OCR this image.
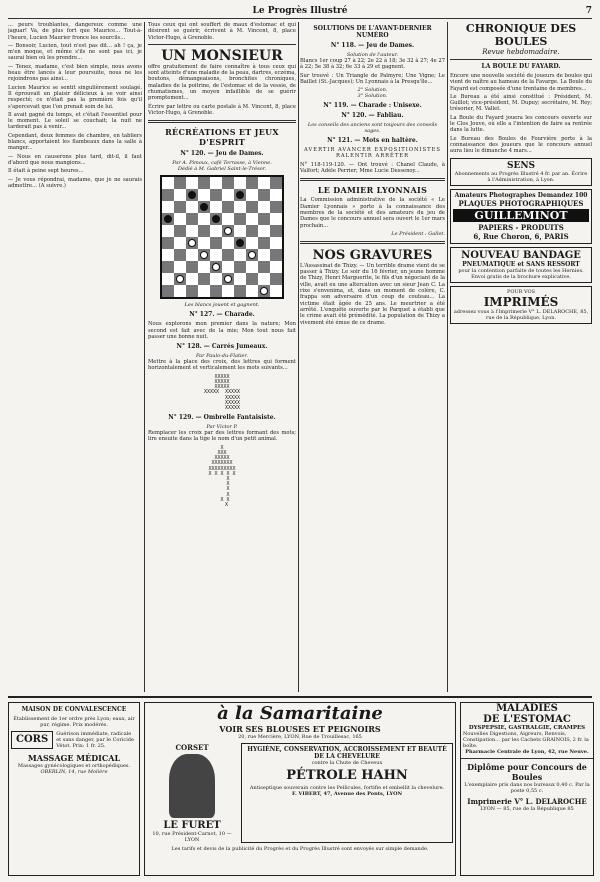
Le Progrès Illustré	7

... peurs troublantes, dangereux comme une jaguar! Va, de plus fort que Maurice... Tout-à-l'heure, Lucien Maurier fronce les sourcils...

— Bonsoir, Lucien, tout n'est pas dit... ah ! ça, je m'en moque, et même s'ils ne sont pas ici, je saurai bien où les prendre...

— Tenez, madame, c'est bien simple, nous avons beau être lancés à leur poursuite, nous ne les rejoindrons pas ainsi...

Lucien Maurice se sentit singulièrement soulagé. Il éprouvait un plaisir délicieux à se voir ainsi respecté; ce n'était pas la première fois qu'il s'apercevait que l'on prenait soin de lui.

Il avait gagné du temps, et c'était l'essentiel pour le moment. Le soleil se couchait; la nuit ne tarderait pas à venir...

Cependant, deux femmes de chambre, en tabliers blancs, apportaient les flambeaux dans la salle à manger...

— Nous en causerons plus tard, dit-il, il faut d'abord que nous mangions...

Il était à peine sept heures...

— Je vous répondrai, madame, que je ne saurais admettre... (A suivre.)

Tous ceux qui ont souffert de maux d'estomac et qui désirent se guérir, écrivent à M. Vincent, 8, place Victor-Hugo, à Grenoble.

UN MONSIEUR

offre gratuitement de faire connaître à tous ceux qui sont atteints d'une maladie de la peau, dartres, eczéma, boutons, démangeaisons, bronchites chroniques, maladies de la poitrine, de l'estomac et de la vessie, de rhumatismes, un moyen infaillible de se guérir promptement...

Écrire par lettre ou carte postale à M. Vincent, 8, place Victor-Hugo, à Grenoble.

RÉCRÉATIONS ET JEUX D'ESPRIT
N° 120. — Jeu de Dames.
Par A. Pimoux, café Terrasse, à Vienne.
Dédié à M. Gabriel Saint-le-Trésor.
Les blancs jouent et gagnent.
N° 127. — Charade.

Nous explorons mon premier dans la nature; Mon second est fait avec de la mie; Mon tout nous fait passer une bonne nuit.

N° 128. — Carrés Jumeaux.
Par Paulo-du-Flatier.

Mettre à la place des croix, des lettres qui forment horizontalement et verticalement les mots suivants...

XXXXX
XXXXX
XXXXX
XXXXX  XXXXX
XXXXX
XXXXX
XXXXX
N° 129. — Ombrelle Fantaisiste.
Par Victor P.

Remplacer les croix par des lettres formant des mots; lire ensuite dans la tige le nom d'un petit animal.

X
XXX
XXXXX
XXXXXXX
XXXXXXXXX
X X X X X
X
X
X
X
X X
X
SOLUTIONS DE L'AVANT-DERNIER NUMÉRO
N° 118. — Jeu de Dames.
Solution de l'auteur.

Blancs 1er coup 27 à 22; 2e 22 à 18; 3e 32 à 27; 4e 27 à 22; 5e 38 à 32; 6e 33 à 29 et gagnent.

Sur trouvé : Un Triangle de Palmyre; Une Vigne; Le Baillet (St.-Jacques); Un Lyonnais à la Presqu'île...

2° Solution.
3° Solution.
N° 119. — Charade : Unisexe.
N° 120. — Fabliau.
Les conseils des anciens sont toujours des conseils sages.
N° 121. — Mots en haltère.

AVERTIR AVANCER EXPOSITIONISTES RALENTIR ARRÊTER

N° 118-119-120. — Ont trouvé : Chanel Claude, à Valfort; Adèle Perrier; Mme Lucie Dessenoy...

LE DAMIER LYONNAIS

La Commission administrative de la société « Le Damier Lyonnais » porte à la connaissance des membres de la société et des amateurs du jeu de Dames que le concours annuel sera ouvert le 1er mars prochain...

Le Président : Gallet.
NOS GRAVURES

L'Assassinat de Thizy. — Un terrible drame vient de se passer à Thizy. Le soir du 16 février, un jeune homme de Thizy, Henri Marguerite, le fils d'un négociant de la ville, avait eu une altercation avec un sieur Jean C. La rixe s'envenima, et, dans un moment de colère, C. frappa son adversaire d'un coup de couteau... La victime était âgée de 25 ans. Le meurtrier a été arrêté. L'enquête ouverte par le Parquet a établi que le crime avait été prémédité. La population de Thizy a vivement été émue de ce drame.

CHRONIQUE DES BOULES
Revue hebdomadaire.
LA BOULE DU FAYARD.

Encore une nouvelle société de joueurs de boules qui vient de naître au hameau de la Favarge. La Boule du Fayard est composée d'une trentaine de membres...

Le Bureau a été ainsi constitué : Président, M. Guillot; vice-président, M. Dupuy; secrétaire, M. Rey; trésorier, M. Vallet.

La Boule du Fayard jouera les concours ouverts sur le Clos Jouve, où elle a l'intention de faire sa rentrée dans la lutte.

Le Bureau des Boules de Fourvière porte à la connaissance des joueurs que le concours annuel aura lieu le dimanche 4 mars...

SENS
Abonnements au Progrès Illustré 4 fr. par an. Écrire à l'Administration, à Lyon.
Amateurs Photographes Demandez 100
PLAQUES PHOTOGRAPHIQUES
GUILLEMINOT
PAPIERS - PRODUITS
6, Rue Choron, 6, PARIS
NOUVEAU BANDAGE
PNEUMATIQUE et SANS RESSORT
pour la contention parfaite de toutes les Hernies. Envoi gratis de la brochure explicative.
POUR VOS
IMPRIMÉS
adressez vous à l'Imprimerie V° L. DELAROCHE, 85, rue de la République, Lyon.
MAISON DE CONVALESCENCE
Établissement de 1er ordre près Lyon; eaux, air pur, régime. Prix modérés.
CORS	Guérison immédiate, radicale et sans danger, par le Coricide Vétot. Prix: 1 fr. 25.
MASSAGE MÉDICAL
Massages gynécologiques et orthopédiques.
OBERLIN, 14, rue Molière
à la Samaritaine
VOIR SES BLOUSES ET PEIGNOIRS
20, rue Mercière, LYON, Rue de Trouillesac, 165
CORSET
LE FURET
10, rue Président-Carnot, 10 — LYON
HYGIÈNE, CONSERVATION, ACCROISSEMENT ET BEAUTÉ DE LA CHEVELURE
contre la Chute de Cheveux
PÉTROLE HAHN
Antiseptique souverain contre les Pellicules, fortifie et embellit la chevelure.
F. VIBERT, 47, Avenue des Ponts, LYON
Les tarifs et devis de la publicité du Progrès et du Progrès Illustré sont envoyés sur simple demande.
MALADIES
DE L'ESTOMAC
DYSPEPSIE, GASTRALGIE, CRAMPES
Nouvelles Digestions, Aigreurs, Renvois, Constipation... par les Cachets GRAINOIS, 2 fr. la boîte.
Pharmacie Centrale de Lyon, 42, rue Neuve.
Diplôme pour Concours de Boules
L'exemplaire pris dans nos bureaux 0,40 c. Par la poste 0,55 c.
Imprimerie V° L. DELAROCHE
LYON — 85, rue de la République 85
